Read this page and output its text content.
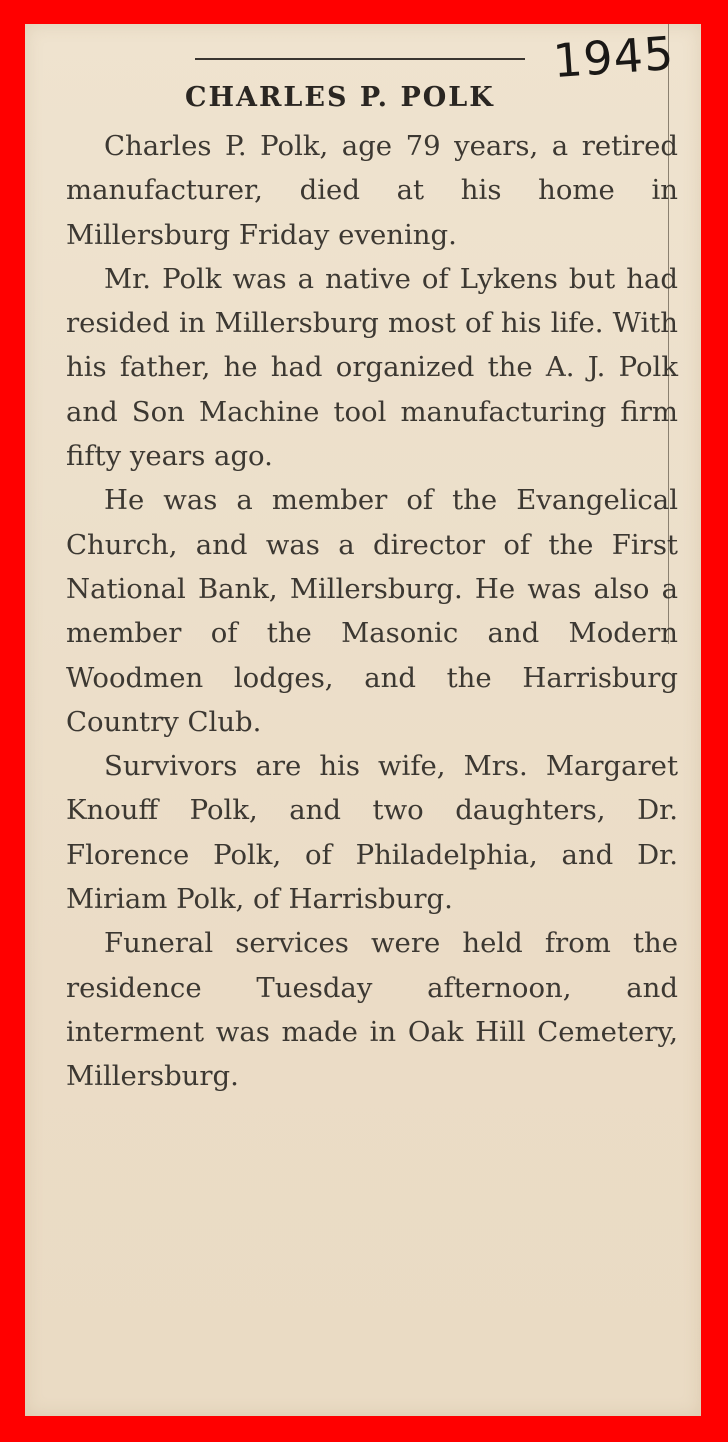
1945
CHARLES P. POLK

Charles P. Polk, age 79 years, a retired manufacturer, died at his home in Millersburg Friday evening.

Mr. Polk was a native of Lykens but had resided in Millersburg most of his life. With his father, he had organized the A. J. Polk and Son Machine tool manufacturing firm fifty years ago.

He was a member of the Evangelical Church, and was a director of the First National Bank, Millersburg. He was also a member of the Masonic and Modern Woodmen lodges, and the Harrisburg Country Club.

Survivors are his wife, Mrs. Margaret Knouff Polk, and two daughters, Dr. Florence Polk, of Philadelphia, and Dr. Miriam Polk, of Harrisburg.

Funeral services were held from the residence Tuesday afternoon, and interment was made in Oak Hill Cemetery, Millersburg.
